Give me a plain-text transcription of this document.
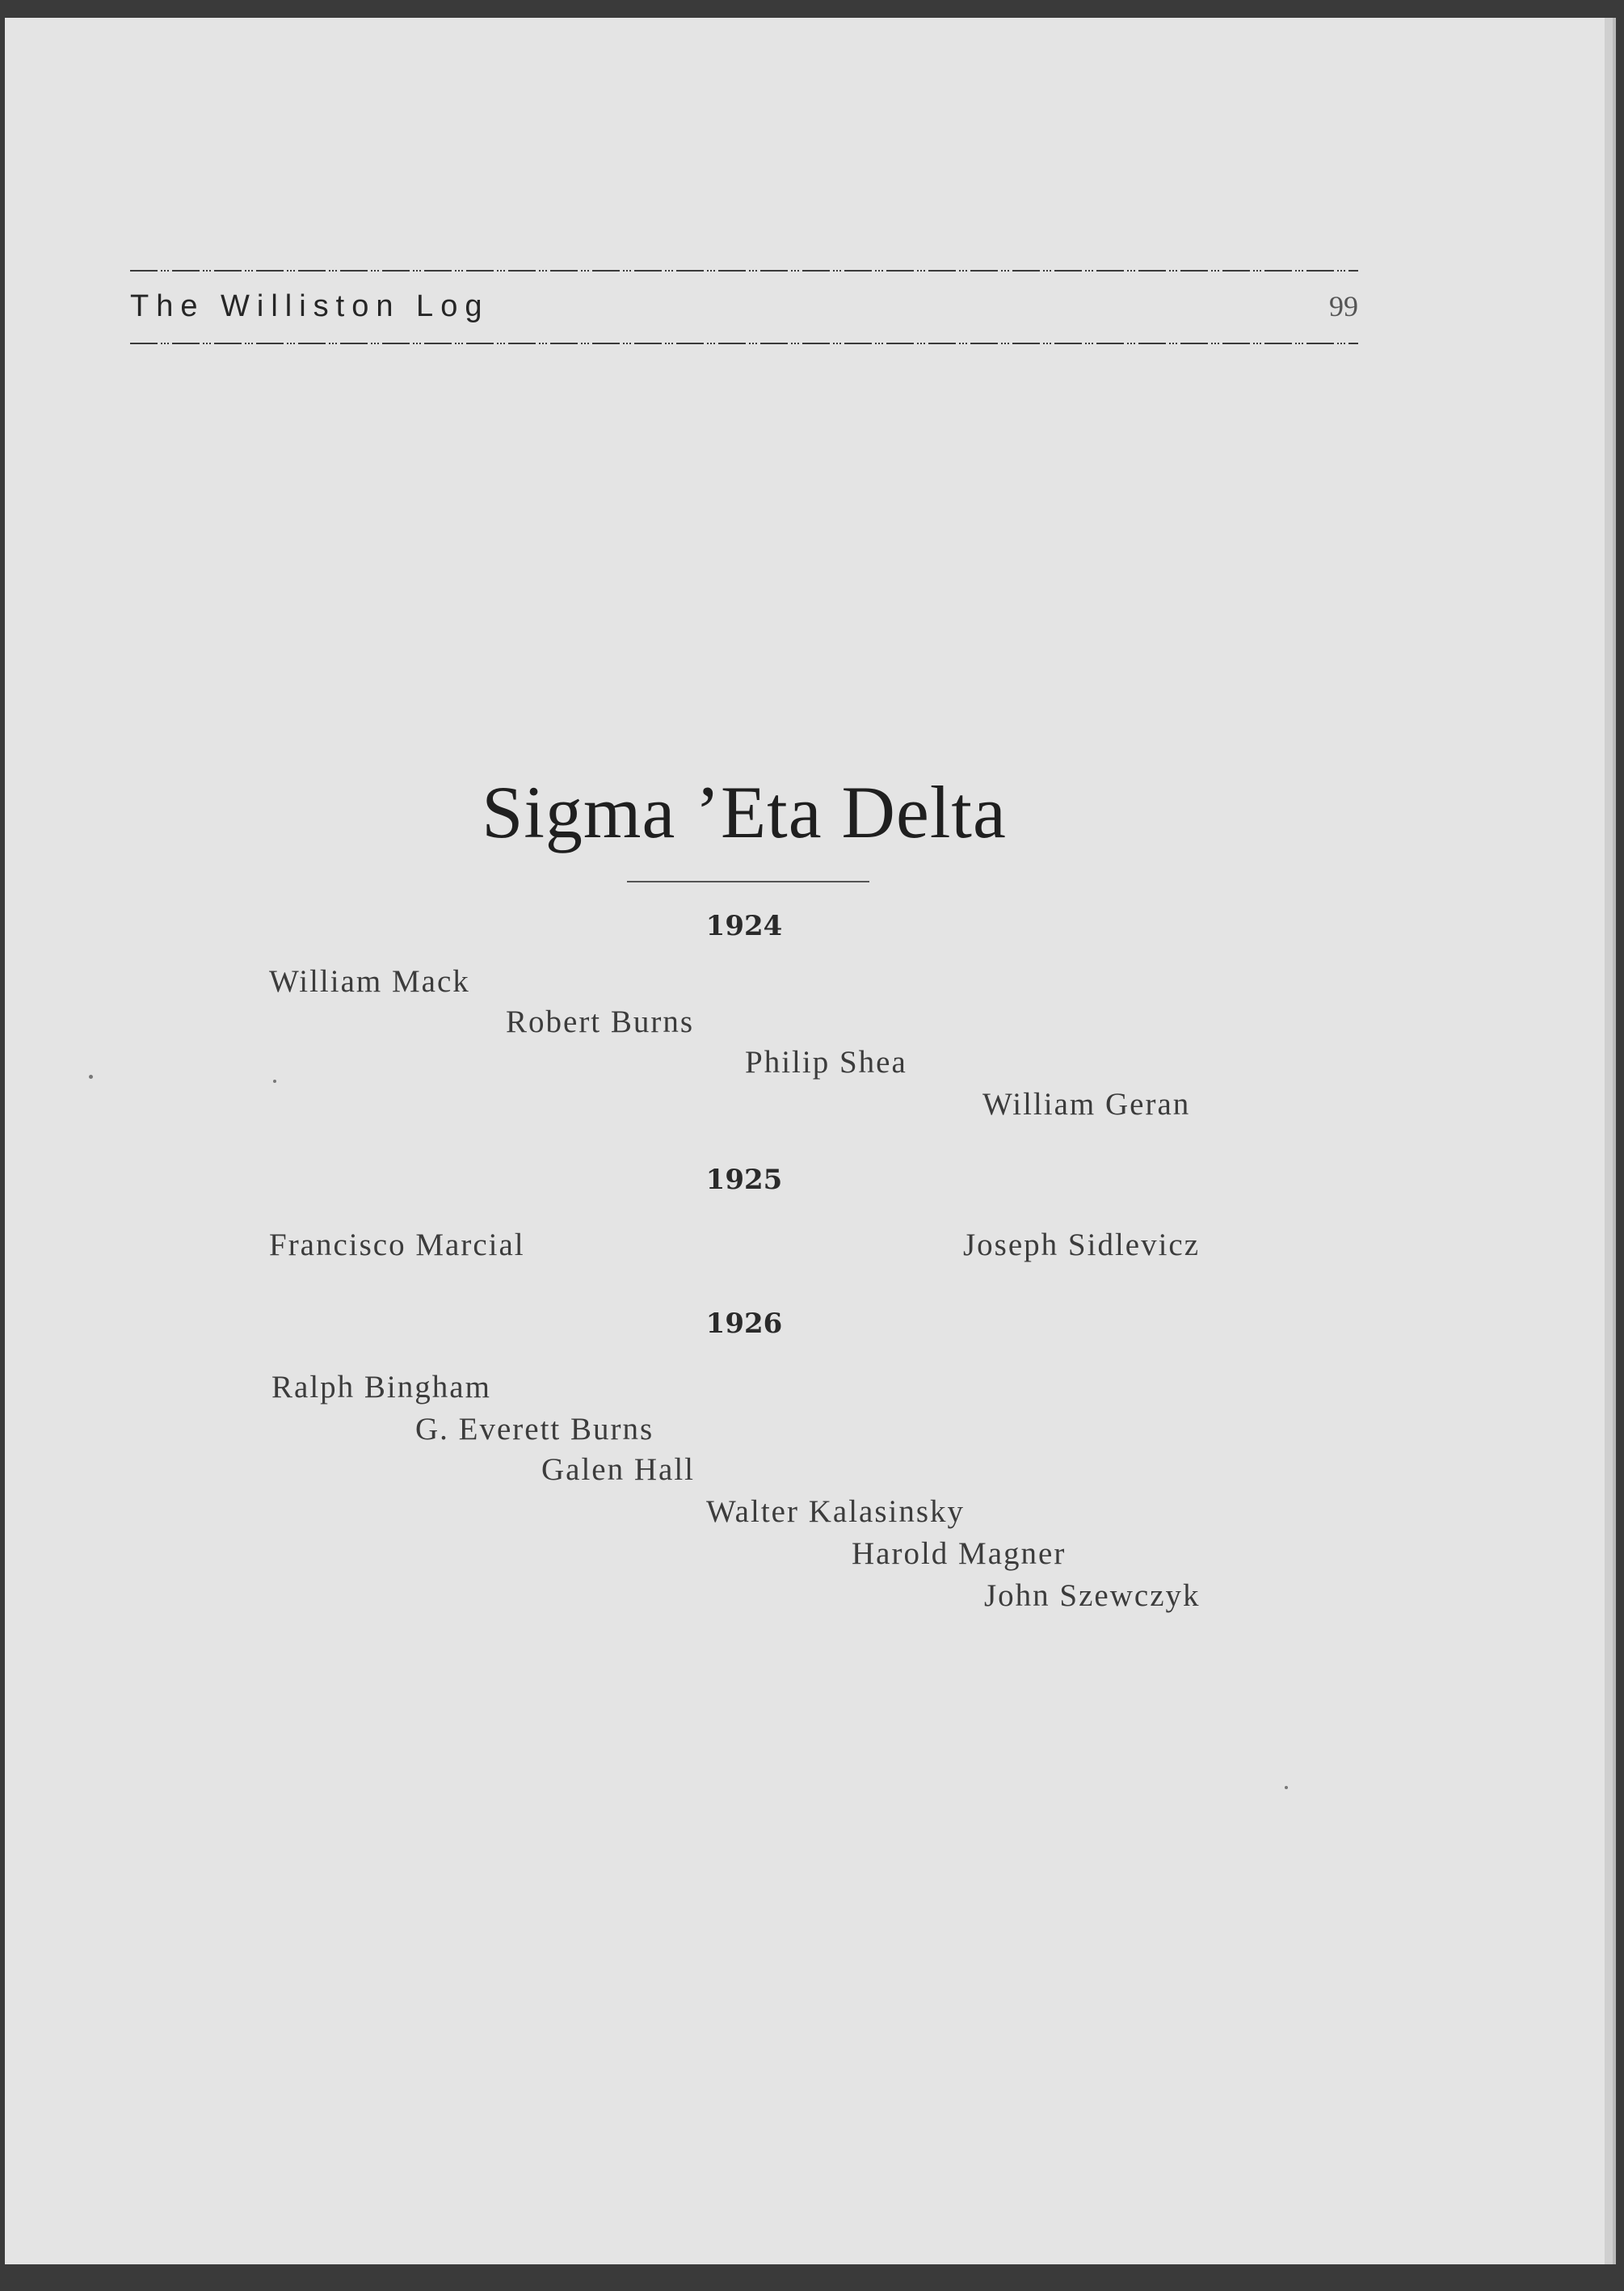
The Williston Log	99
Sigma ’Eta Delta
1924
William Mack
Robert Burns
Philip Shea
William Geran
1925
Francisco Marcial	Joseph Sidlevicz
1926
Ralph Bingham
G. Everett Burns
Galen Hall
Walter Kalasinsky
Harold Magner
John Szewczyk
